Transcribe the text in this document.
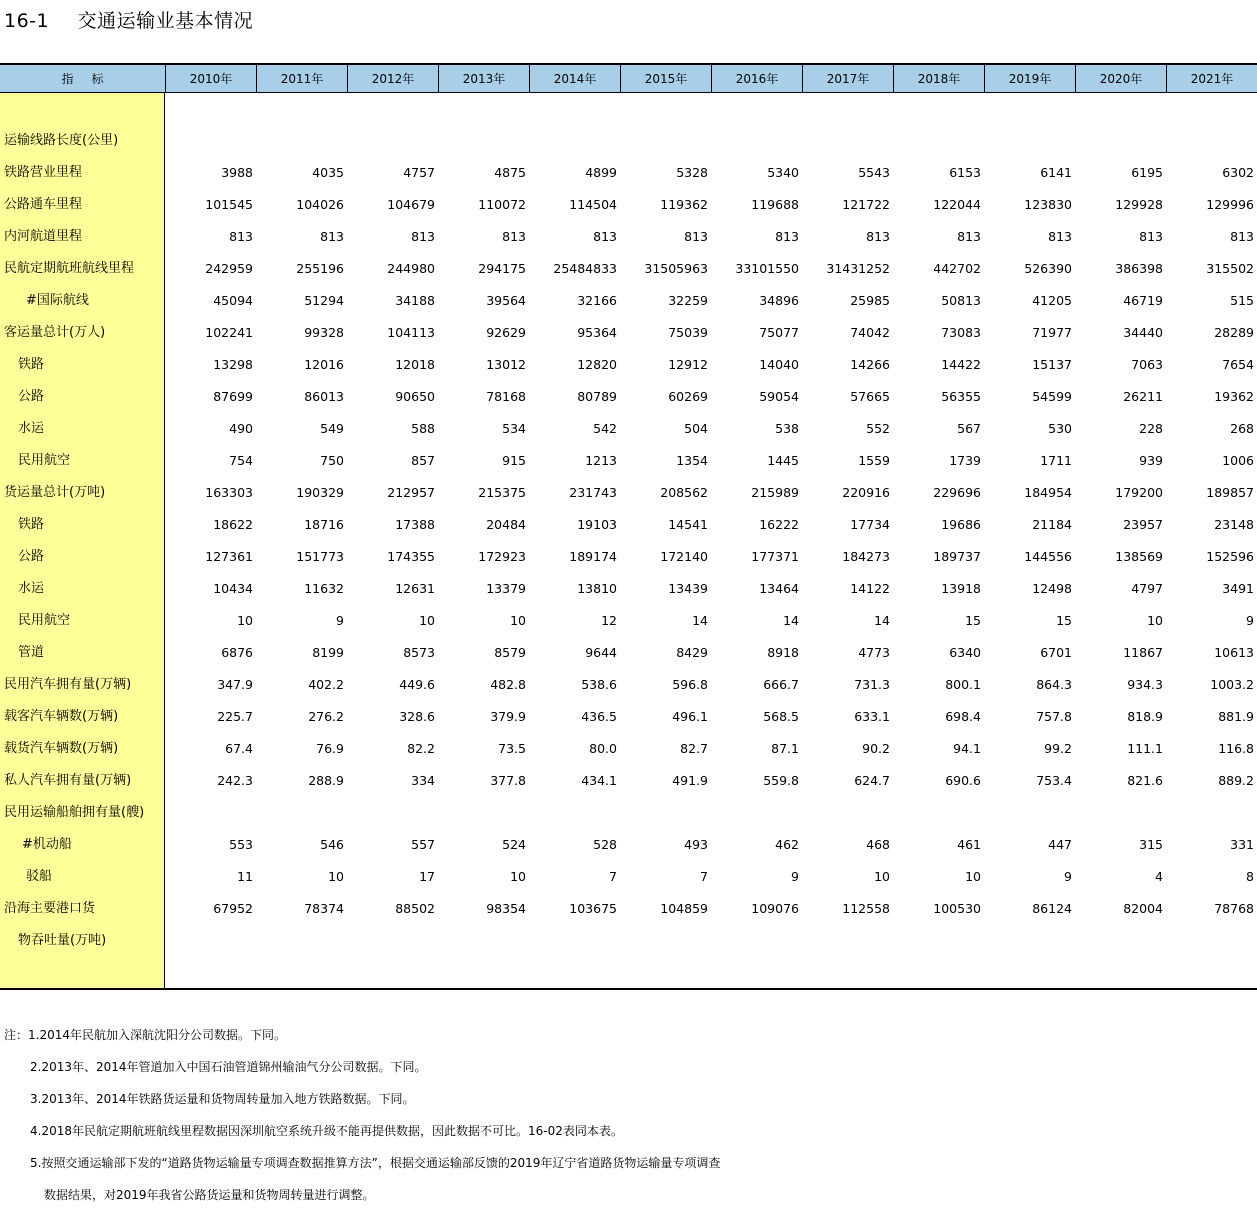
16-1 交通运输业基本情况
指标	2010年	2011年	2012年	2013年	2014年	2015年	2016年	2017年	2018年	2019年	2020年	2021年
运输线路长度(公里)
铁路营业里程	3988	4035	4757	4875	4899	5328	5340	5543	6153	6141	6195	6302
公路通车里程	101545	104026	104679	110072	114504	119362	119688	121722	122044	123830	129928	129996
内河航道里程	813	813	813	813	813	813	813	813	813	813	813	813
民航定期航班航线里程	242959	255196	244980	294175	25484833	31505963	33101550	31431252	442702	526390	386398	315502
#国际航线	45094	51294	34188	39564	32166	32259	34896	25985	50813	41205	46719	515
客运量总计(万人)	102241	99328	104113	92629	95364	75039	75077	74042	73083	71977	34440	28289
铁路	13298	12016	12018	13012	12820	12912	14040	14266	14422	15137	7063	7654
公路	87699	86013	90650	78168	80789	60269	59054	57665	56355	54599	26211	19362
水运	490	549	588	534	542	504	538	552	567	530	228	268
民用航空	754	750	857	915	1213	1354	1445	1559	1739	1711	939	1006
货运量总计(万吨)	163303	190329	212957	215375	231743	208562	215989	220916	229696	184954	179200	189857
铁路	18622	18716	17388	20484	19103	14541	16222	17734	19686	21184	23957	23148
公路	127361	151773	174355	172923	189174	172140	177371	184273	189737	144556	138569	152596
水运	10434	11632	12631	13379	13810	13439	13464	14122	13918	12498	4797	3491
民用航空	10	9	10	10	12	14	14	14	15	15	10	9
管道	6876	8199	8573	8579	9644	8429	8918	4773	6340	6701	11867	10613
民用汽车拥有量(万辆)	347.9	402.2	449.6	482.8	538.6	596.8	666.7	731.3	800.1	864.3	934.3	1003.2
载客汽车辆数(万辆)	225.7	276.2	328.6	379.9	436.5	496.1	568.5	633.1	698.4	757.8	818.9	881.9
载货汽车辆数(万辆)	67.4	76.9	82.2	73.5	80.0	82.7	87.1	90.2	94.1	99.2	111.1	116.8
私人汽车拥有量(万辆)	242.3	288.9	334	377.8	434.1	491.9	559.8	624.7	690.6	753.4	821.6	889.2
民用运输船舶拥有量(艘)
#机动船	553	546	557	524	528	493	462	468	461	447	315	331
驳船	11	10	17	10	7	7	9	10	10	9	4	8
沿海主要港口货	67952	78374	88502	98354	103675	104859	109076	112558	100530	86124	82004	78768
物吞吐量(万吨)
注：1.2014年民航加入深航沈阳分公司数据。下同。
2.2013年、2014年管道加入中国石油管道锦州输油气分公司数据。下同。
3.2013年、2014年铁路货运量和货物周转量加入地方铁路数据。下同。
4.2018年民航定期航班航线里程数据因深圳航空系统升级不能再提供数据，因此数据不可比。16-02表同本表。
5.按照交通运输部下发的“道路货物运输量专项调查数据推算方法”，根据交通运输部反馈的2019年辽宁省道路货物运输量专项调查
数据结果，对2019年我省公路货运量和货物周转量进行调整。
